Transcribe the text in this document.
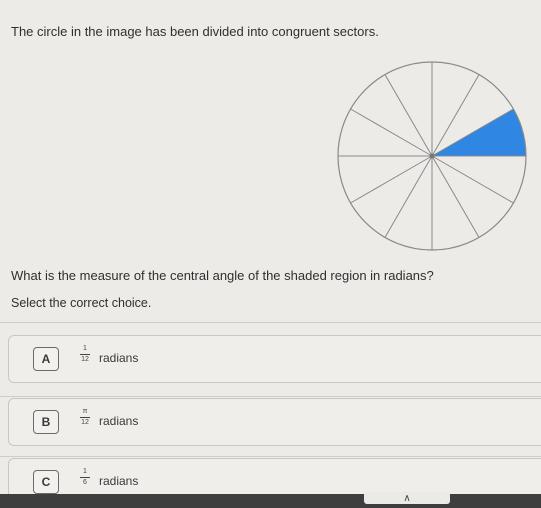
The circle in the image has been divided into congruent sectors.
What is the measure of the central angle of the shaded region in radians?
Select the correct choice.
A
1
12 radians
B
π
12 radians
C
1
6 radians
∧
